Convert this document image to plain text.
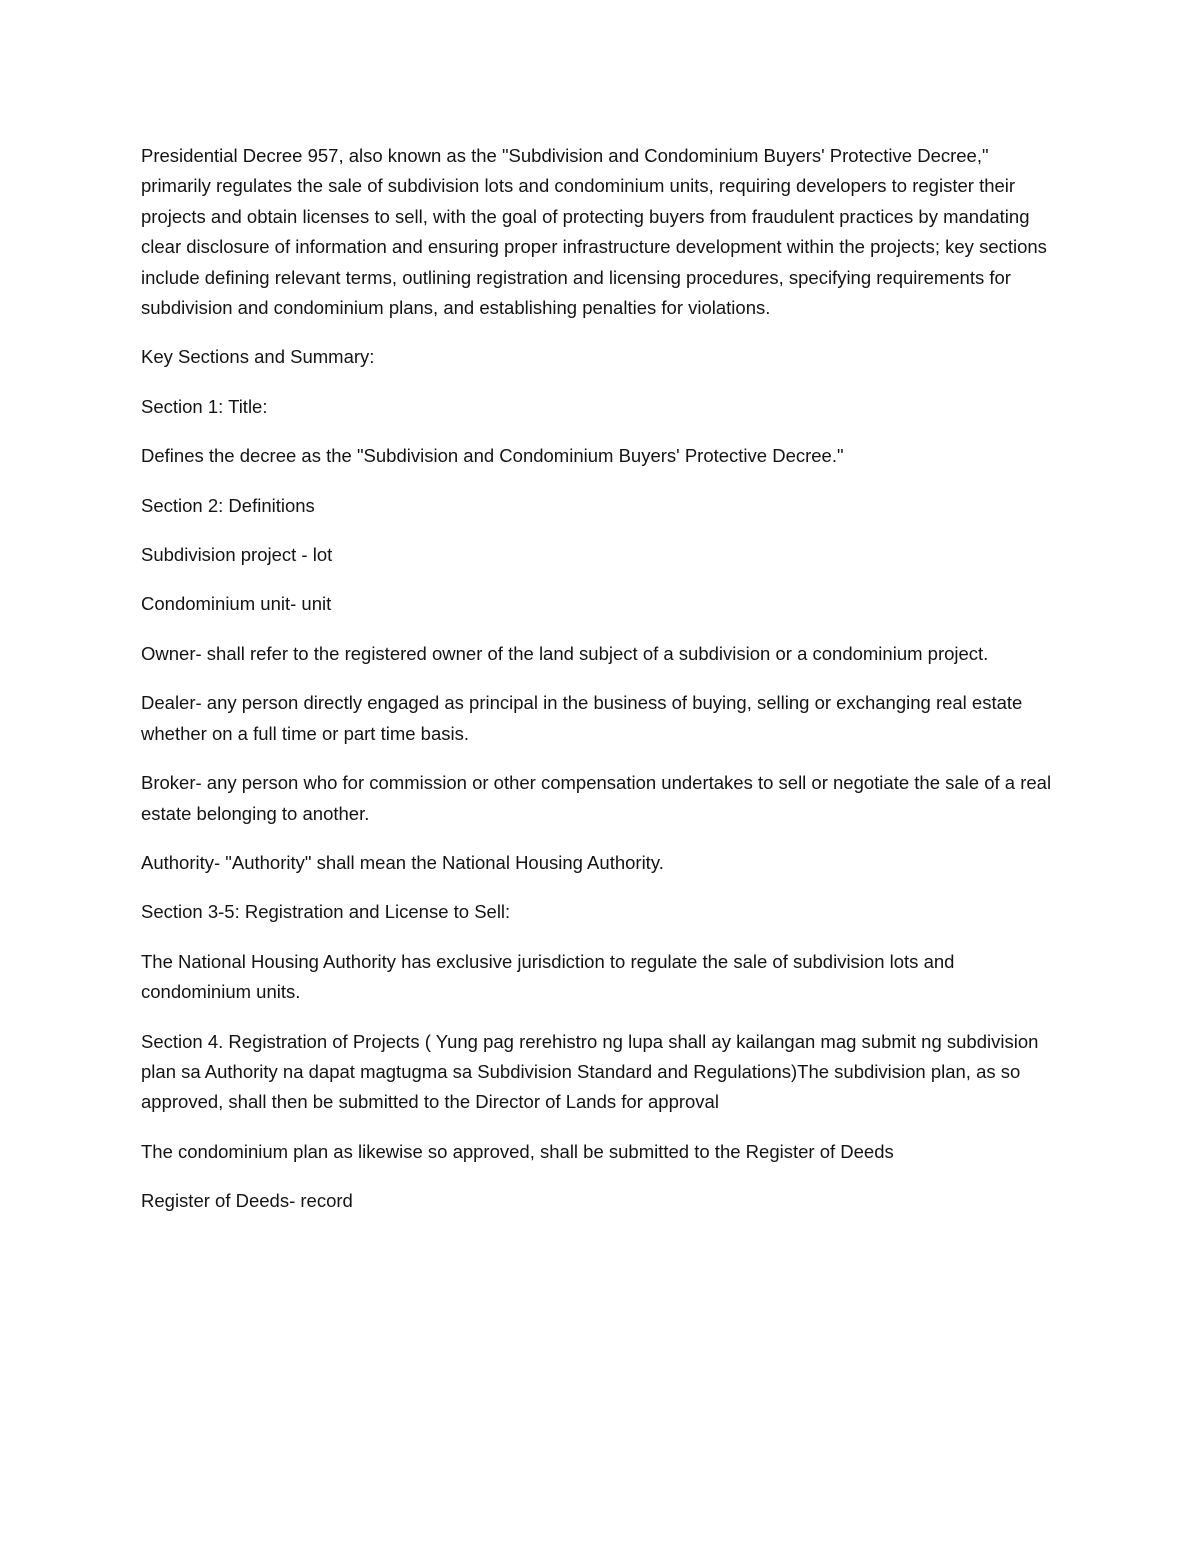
Presidential Decree 957, also known as the "Subdivision and Condominium Buyers' Protective Decree," primarily regulates the sale of subdivision lots and condominium units, requiring developers to register their projects and obtain licenses to sell, with the goal of protecting buyers from fraudulent practices by mandating clear disclosure of information and ensuring proper infrastructure development within the projects; key sections include defining relevant terms, outlining registration and licensing procedures, specifying requirements for subdivision and condominium plans, and establishing penalties for violations.

Key Sections and Summary:

Section 1: Title:

Defines the decree as the "Subdivision and Condominium Buyers' Protective Decree."

Section 2: Definitions

Subdivision project - lot

Condominium unit- unit

Owner- shall refer to the registered owner of the land subject of a subdivision or a condominium project.

Dealer- any person directly engaged as principal in the business of buying, selling or exchanging real estate whether on a full time or part time basis.

Broker- any person who for commission or other compensation undertakes to sell or negotiate the sale of a real estate belonging to another.

Authority- "Authority" shall mean the National Housing Authority.

Section 3-5: Registration and License to Sell:

The National Housing Authority has exclusive jurisdiction to regulate the sale of subdivision lots and condominium units.

Section 4. Registration of Projects ( Yung pag rerehistro ng lupa shall ay kailangan mag submit ng subdivision plan sa Authority na dapat magtugma sa Subdivision Standard and Regulations)The subdivision plan, as so approved, shall then be submitted to the Director of Lands for approval

The condominium plan as likewise so approved, shall be submitted to the Register of Deeds

Register of Deeds- record
